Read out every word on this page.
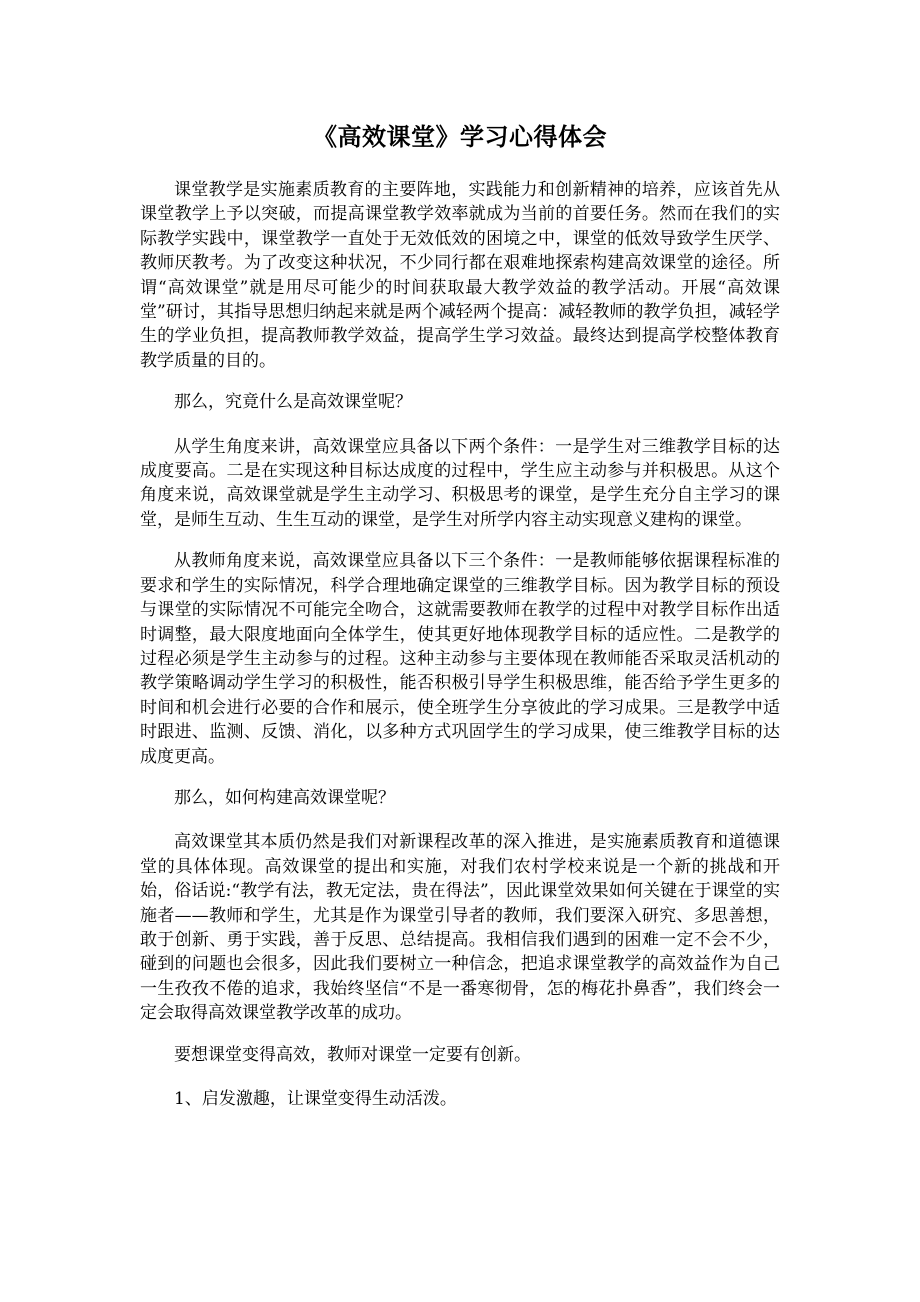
《高效课堂》学习心得体会

课堂教学是实施素质教育的主要阵地，实践能力和创新精神的培养，应该首先从课堂教学上予以突破，而提高课堂教学效率就成为当前的首要任务。然而在我们的实际教学实践中，课堂教学一直处于无效低效的困境之中，课堂的低效导致学生厌学、教师厌教考。为了改变这种状况，不少同行都在艰难地探索构建高效课堂的途径。所谓“高效课堂”就是用尽可能少的时间获取最大教学效益的教学活动。开展“高效课堂”研讨，其指导思想归纳起来就是两个减轻两个提高：减轻教师的教学负担，减轻学生的学业负担，提高教师教学效益，提高学生学习效益。最终达到提高学校整体教育教学质量的目的。

那么，究竟什么是高效课堂呢？

从学生角度来讲，高效课堂应具备以下两个条件：一是学生对三维教学目标的达成度要高。二是在实现这种目标达成度的过程中，学生应主动参与并积极思。从这个角度来说，高效课堂就是学生主动学习、积极思考的课堂，是学生充分自主学习的课堂，是师生互动、生生互动的课堂，是学生对所学内容主动实现意义建构的课堂。

从教师角度来说，高效课堂应具备以下三个条件：一是教师能够依据课程标准的要求和学生的实际情况，科学合理地确定课堂的三维教学目标。因为教学目标的预设与课堂的实际情况不可能完全吻合，这就需要教师在教学的过程中对教学目标作出适时调整，最大限度地面向全体学生，使其更好地体现教学目标的适应性。二是教学的过程必须是学生主动参与的过程。这种主动参与主要体现在教师能否采取灵活机动的教学策略调动学生学习的积极性，能否积极引导学生积极思维，能否给予学生更多的时间和机会进行必要的合作和展示，使全班学生分享彼此的学习成果。三是教学中适时跟进、监测、反馈、消化，以多种方式巩固学生的学习成果，使三维教学目标的达成度更高。

那么，如何构建高效课堂呢？

高效课堂其本质仍然是我们对新课程改革的深入推进，是实施素质教育和道德课堂的具体体现。高效课堂的提出和实施，对我们农村学校来说是一个新的挑战和开始，俗话说:“教学有法，教无定法，贵在得法”，因此课堂效果如何关键在于课堂的实施者——教师和学生，尤其是作为课堂引导者的教师，我们要深入研究、多思善想，敢于创新、勇于实践，善于反思、总结提高。我相信我们遇到的困难一定不会不少，碰到的问题也会很多，因此我们要树立一种信念，把追求课堂教学的高效益作为自己一生孜孜不倦的追求，我始终坚信“不是一番寒彻骨，怎的梅花扑鼻香”，我们终会一定会取得高效课堂教学改革的成功。

要想课堂变得高效，教师对课堂一定要有创新。

1、启发激趣，让课堂变得生动活泼。
